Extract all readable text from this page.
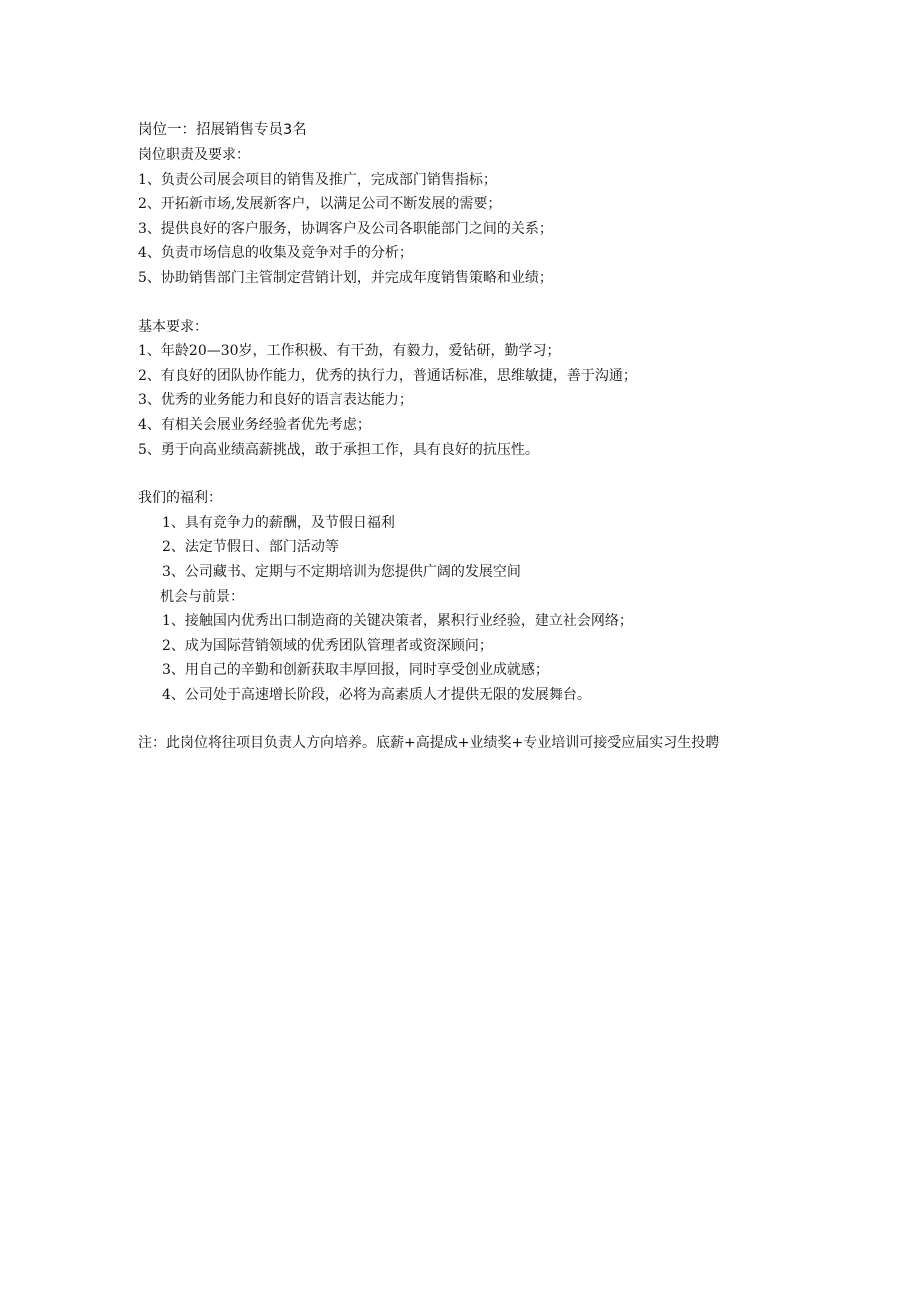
岗位一：招展销售专员3名
岗位职责及要求：
1、负责公司展会项目的销售及推广，完成部门销售指标；
2、开拓新市场,发展新客户，以满足公司不断发展的需要；
3、提供良好的客户服务，协调客户及公司各职能部门之间的关系；
4、负责市场信息的收集及竞争对手的分析；
5、协助销售部门主管制定营销计划，并完成年度销售策略和业绩；
基本要求：
1、年龄20—30岁，工作积极、有干劲，有毅力，爱钻研，勤学习；
2、有良好的团队协作能力，优秀的执行力，普通话标准，思维敏捷，善于沟通；
3、优秀的业务能力和良好的语言表达能力；
4、有相关会展业务经验者优先考虑；
5、勇于向高业绩高薪挑战，敢于承担工作，具有良好的抗压性。
我们的福利：
1、具有竞争力的薪酬，及节假日福利
2、法定节假日、部门活动等
3、公司藏书、定期与不定期培训为您提供广阔的发展空间
机会与前景：
1、接触国内优秀出口制造商的关键决策者，累积行业经验，建立社会网络；
2、成为国际营销领域的优秀团队管理者或资深顾问；
3、用自己的辛勤和创新获取丰厚回报，同时享受创业成就感；
4、公司处于高速增长阶段，必将为高素质人才提供无限的发展舞台。
注：此岗位将往项目负责人方向培养。底薪+高提成+业绩奖+专业培训可接受应届实习生投聘
